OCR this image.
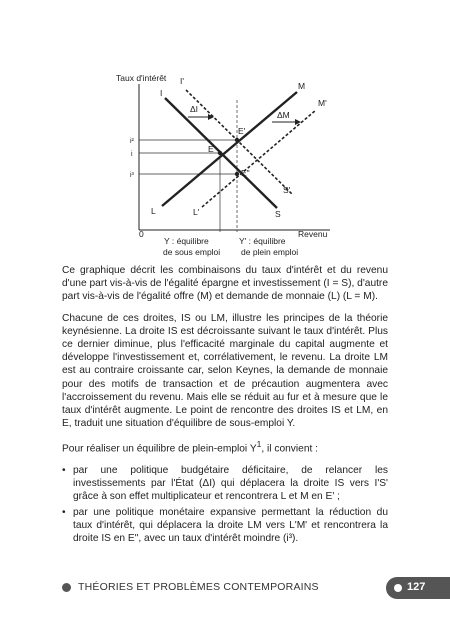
Taux d'intérêt
Revenu
0
i²
i
i³
ΔI
ΔM
E
E'
E"
I
I'	M
M'
L	L'	S
S'
Y : équilibre
de sous emploi
Y' : équilibre
de plein emploi

Ce graphique décrit les combinaisons du taux d'intérêt et du revenu d'une part vis-à-vis de l'égalité épargne et investissement (I = S), d'autre part vis-à-vis de l'égalité offre (M) et demande de monnaie (L) (L = M).

Chacune de ces droites, IS ou LM, illustre les principes de la théorie keynésienne. La droite IS est décroissante suivant le taux d'intérêt. Plus ce dernier diminue, plus l'efficacité marginale du capital augmente et développe l'investissement et, corrélativement, le revenu. La droite LM est au contraire croissante car, selon Keynes, la demande de monnaie pour des motifs de transaction et de précaution augmentera avec l'accroissement du revenu. Mais elle se réduit au fur et à mesure que le taux d'intérêt augmente. Le point de rencontre des droites IS et LM, en E, traduit une situation d'équilibre de sous-emploi Y.

Pour réaliser un équilibre de plein-emploi $Y^1$, il convient :

• par une politique budgétaire déficitaire, de relancer les investissements par l'État (ΔI) qui déplacera la droite IS vers I'S' grâce à son effet multiplicateur et rencontrera L et M en E' ;
• par une politique monétaire expansive permettant la réduction du taux d'intérêt, qui déplacera la droite LM vers L'M' et rencontrera la droite IS en E", avec un taux d'intérêt moindre (i³).
THÉORIES ET PROBLÈMES CONTEMPORAINS	127
